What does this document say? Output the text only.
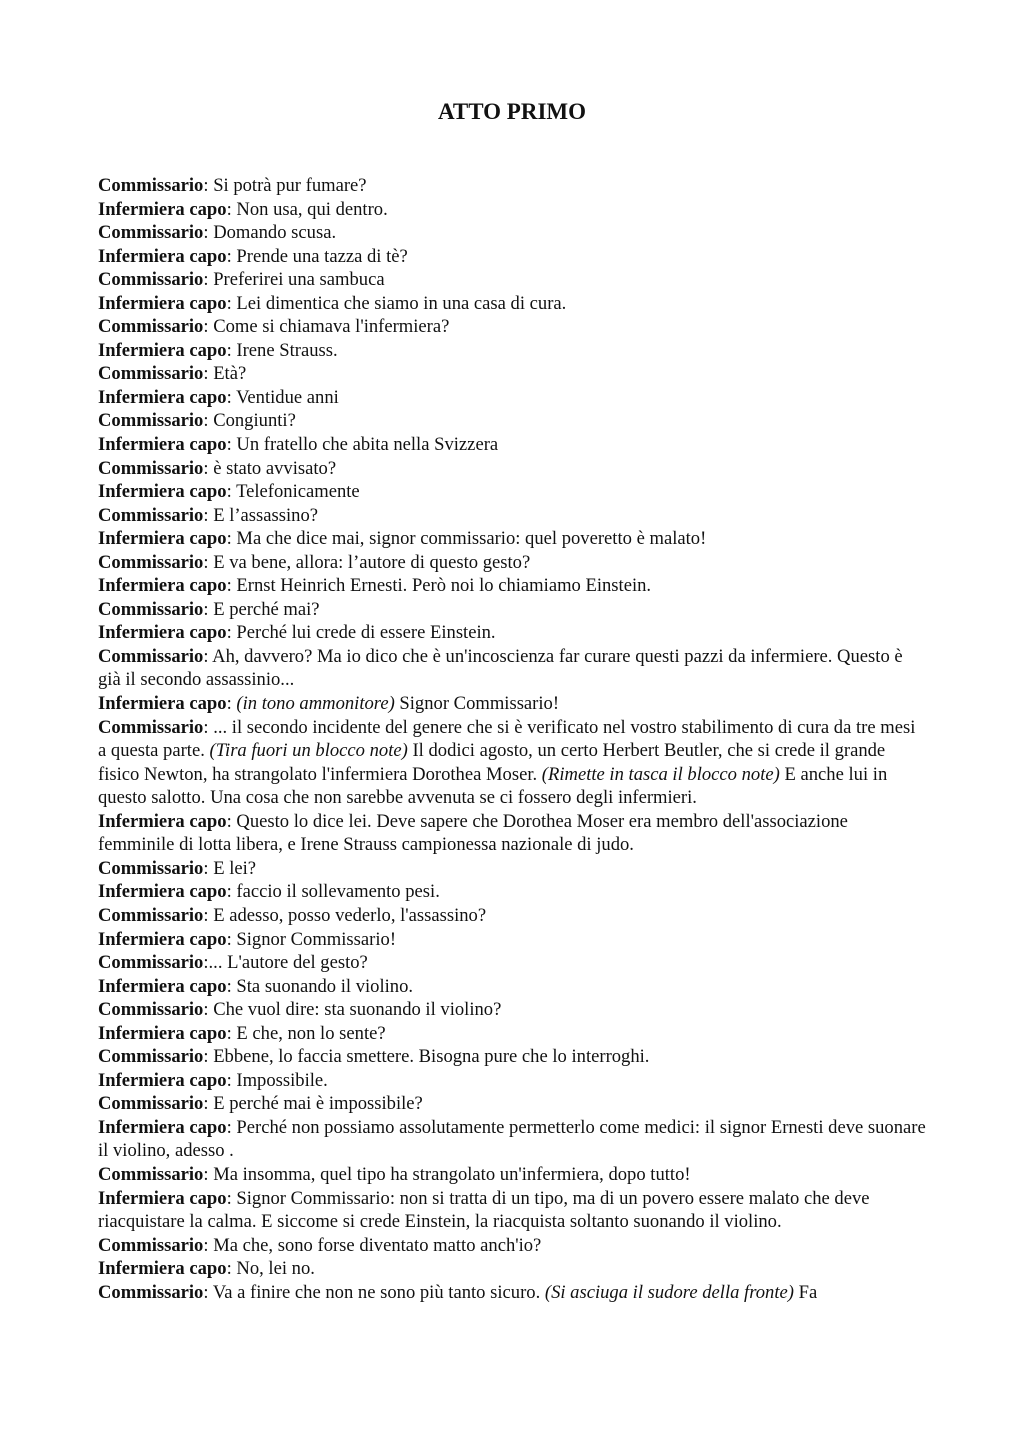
ATTO PRIMO

Commissario: Si potrà pur fumare?

Infermiera capo: Non usa, qui dentro.

Commissario: Domando scusa.

Infermiera capo: Prende una tazza di tè?

Commissario: Preferirei una sambuca

Infermiera capo: Lei dimentica che siamo in una casa di cura.

Commissario: Come si chiamava l'infermiera?

Infermiera capo: Irene Strauss.

Commissario: Età?

Infermiera capo: Ventidue anni

Commissario: Congiunti?

Infermiera capo: Un fratello che abita nella Svizzera

Commissario: è stato avvisato?

Infermiera capo: Telefonicamente

Commissario: E l’assassino?

Infermiera capo: Ma che dice mai, signor commissario: quel poveretto è malato!

Commissario: E va bene, allora: l’autore di questo gesto?

Infermiera capo: Ernst Heinrich Ernesti. Però noi lo chiamiamo Einstein.

Commissario: E perché mai?

Infermiera capo: Perché lui crede di essere Einstein.

Commissario: Ah, davvero? Ma io dico che è un'incoscienza far curare questi pazzi da infermiere. Questo è già il secondo assassinio...

Infermiera capo: (in tono ammonitore) Signor Commissario!

Commissario: ... il secondo incidente del genere che si è verificato nel vostro stabilimento di cura da tre mesi a questa parte. (Tira fuori un blocco note) Il dodici agosto, un certo Herbert Beutler, che si crede il grande fisico Newton, ha strangolato l'infermiera Dorothea Moser. (Rimette in tasca il blocco note) E anche lui in questo salotto. Una cosa che non sarebbe avvenuta se ci fossero degli infermieri.

Infermiera capo: Questo lo dice lei. Deve sapere che Dorothea Moser era membro dell'associazione femminile di lotta libera, e Irene Strauss campionessa nazionale di judo.

Commissario: E lei?

Infermiera capo: faccio il sollevamento pesi.

Commissario: E adesso, posso vederlo, l'assassino?

Infermiera capo: Signor Commissario!

Commissario:... L'autore del gesto?

Infermiera capo: Sta suonando il violino.

Commissario: Che vuol dire: sta suonando il violino?

Infermiera capo: E che, non lo sente?

Commissario: Ebbene, lo faccia smettere. Bisogna pure che lo interroghi.

Infermiera capo: Impossibile.

Commissario: E perché mai è impossibile?

Infermiera capo: Perché non possiamo assolutamente permetterlo come medici: il signor Ernesti deve suonare il violino, adesso .

Commissario: Ma insomma, quel tipo ha strangolato un'infermiera, dopo tutto!

Infermiera capo: Signor Commissario: non si tratta di un tipo, ma di un povero essere malato che deve riacquistare la calma. E siccome si crede Einstein, la riacquista soltanto suonando il violino.

Commissario: Ma che, sono forse diventato matto anch'io?

Infermiera capo: No, lei no.

Commissario: Va a finire che non ne sono più tanto sicuro. (Si asciuga il sudore della fronte) Fa
